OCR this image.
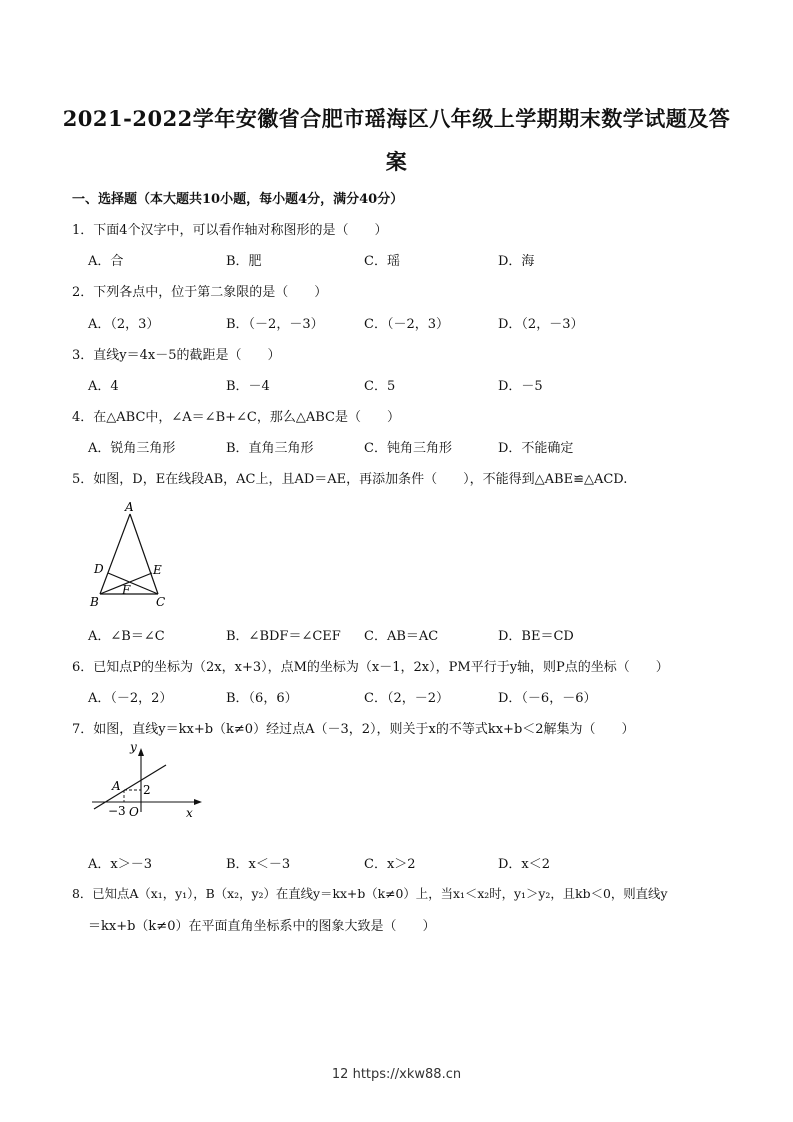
2021-2022学年安徽省合肥市瑶海区八年级上学期期末数学试题及答
案
一、选择题（本大题共10小题，每小题4分，满分40分）
1．下面4个汉字中，可以看作轴对称图形的是（　　）
A．合	B．肥	C．瑶	D．海
2．下列各点中，位于第二象限的是（　　）
A．（2，3）	B．（－2，－3）	C．（－2，3）	D．（2，－3）
3．直线y＝4x－5的截距是（　　）
A．4	B．－4	C．5	D．－5
4．在△ABC中，∠A＝∠B+∠C，那么△ABC是（　　）
A．锐角三角形	B．直角三角形	C．钝角三角形	D．不能确定
5．如图，D，E在线段AB，AC上，且AD＝AE，再添加条件（　　），不能得到△ABE≌△ACD.
A
D	E
F
B	C
A．∠B＝∠C	B．∠BDF＝∠CEF C．AB＝AC	D．BE＝CD
6．已知点P的坐标为（2x，x+3），点M的坐标为（x－1，2x），PM平行于y轴，则P点的坐标（　　）
A．（－2，2）	B．（6，6）	C．（2，－2）	D．（－6，－6）
7．如图，直线y＝kx+b（k≠0）经过点A（－3，2），则关于x的不等式kx+b＜2解集为（　　）
y
x
A 2
−3 O
A．x＞－3	B．x＜－3	C．x＞2	D．x＜2
8．已知点A（x₁，y₁），B（x₂，y₂）在直线y＝kx+b（k≠0）上，当x₁＜x₂时，y₁＞y₂，且kb＜0，则直线y
＝kx+b（k≠0）在平面直角坐标系中的图象大致是（　　）
12 https://xkw88.cn
